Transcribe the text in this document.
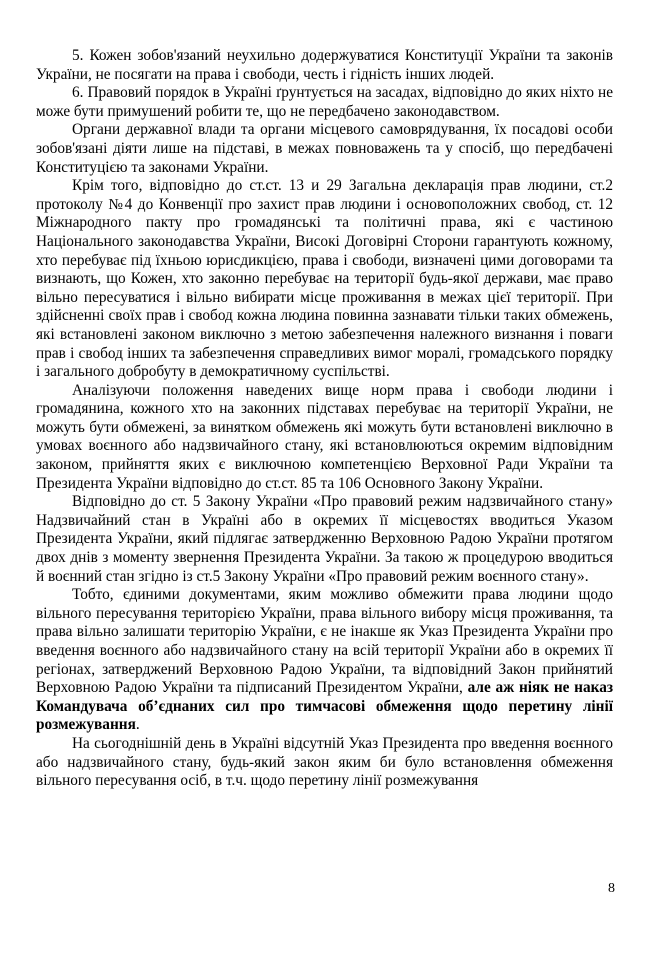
5. Кожен зобов'язаний неухильно додержуватися Конституції України та законів України, не посягати на права і свободи, честь і гідність інших людей.

6. Правовий порядок в Україні ґрунтується на засадах, відповідно до яких ніхто не може бути примушений робити те, що не передбачено законодавством.

Органи державної влади та органи місцевого самоврядування, їх посадові особи зобов'язані діяти лише на підставі, в межах повноважень та у спосіб, що передбачені Конституцією та законами України.

Крім того, відповідно до ст.ст. 13 и 29 Загальна декларація прав людини, ст.2 протоколу №4 до Конвенції про захист прав людини і основоположних свобод, ст. 12 Міжнародного пакту про громадянські та політичні права, які є частиною Національного законодавства України, Високі Договірні Сторони гарантують кожному, хто перебуває під їхньою юрисдикцією, права і свободи, визначені цими договорами та визнають, що Кожен, хто законно перебуває на території будь-якої держави, має право вільно пересуватися і вільно вибирати місце проживання в межах цієї території. При здійсненні своїх прав і свобод кожна людина повинна зазнавати тільки таких обмежень, які встановлені законом виключно з метою забезпечення належного визнання і поваги прав і свобод інших та забезпечення справедливих вимог моралі, громадського порядку і загального добробуту в демократичному суспільстві.

Аналізуючи положення наведених вище норм права і свободи людини і громадянина, кожного хто на законних підставах перебуває на території України, не можуть бути обмежені, за винятком обмежень які можуть бути встановлені виключно в умовах воєнного або надзвичайного стану, які встановлюються окремим відповідним законом, прийняття яких є виключною компетенцією Верховної Ради України та Президента України відповідно до ст.ст. 85 та 106 Основного Закону України.

Відповідно до ст. 5 Закону України «Про правовий режим надзвичайного стану» Надзвичайний стан в Україні або в окремих її місцевостях вводиться Указом Президента України, який підлягає затвердженню Верховною Радою України протягом двох днів з моменту звернення Президента України. За такою ж процедурою вводиться й воєнний стан згідно із ст.5 Закону України «Про правовий режим воєнного стану».

Тобто, єдиними документами, яким можливо обмежити права людини щодо вільного пересування територією України, права вільного вибору місця проживання, та права вільно залишати територію України, є не інакше як Указ Президента України про введення воєнного або надзвичайного стану на всій території України або в окремих її регіонах, затверджений Верховною Радою України, та відповідний Закон прийнятий Верховною Радою України та підписаний Президентом України, але аж ніяк не наказ Командувача об’єднаних сил про тимчасові обмеження щодо перетину лінії розмежування.

На сьогоднішній день в Україні відсутній Указ Президента про введення воєнного або надзвичайного стану, будь-який закон яким би було встановлення обмеження вільного пересування осіб, в т.ч. щодо перетину лінії розмежування

8
